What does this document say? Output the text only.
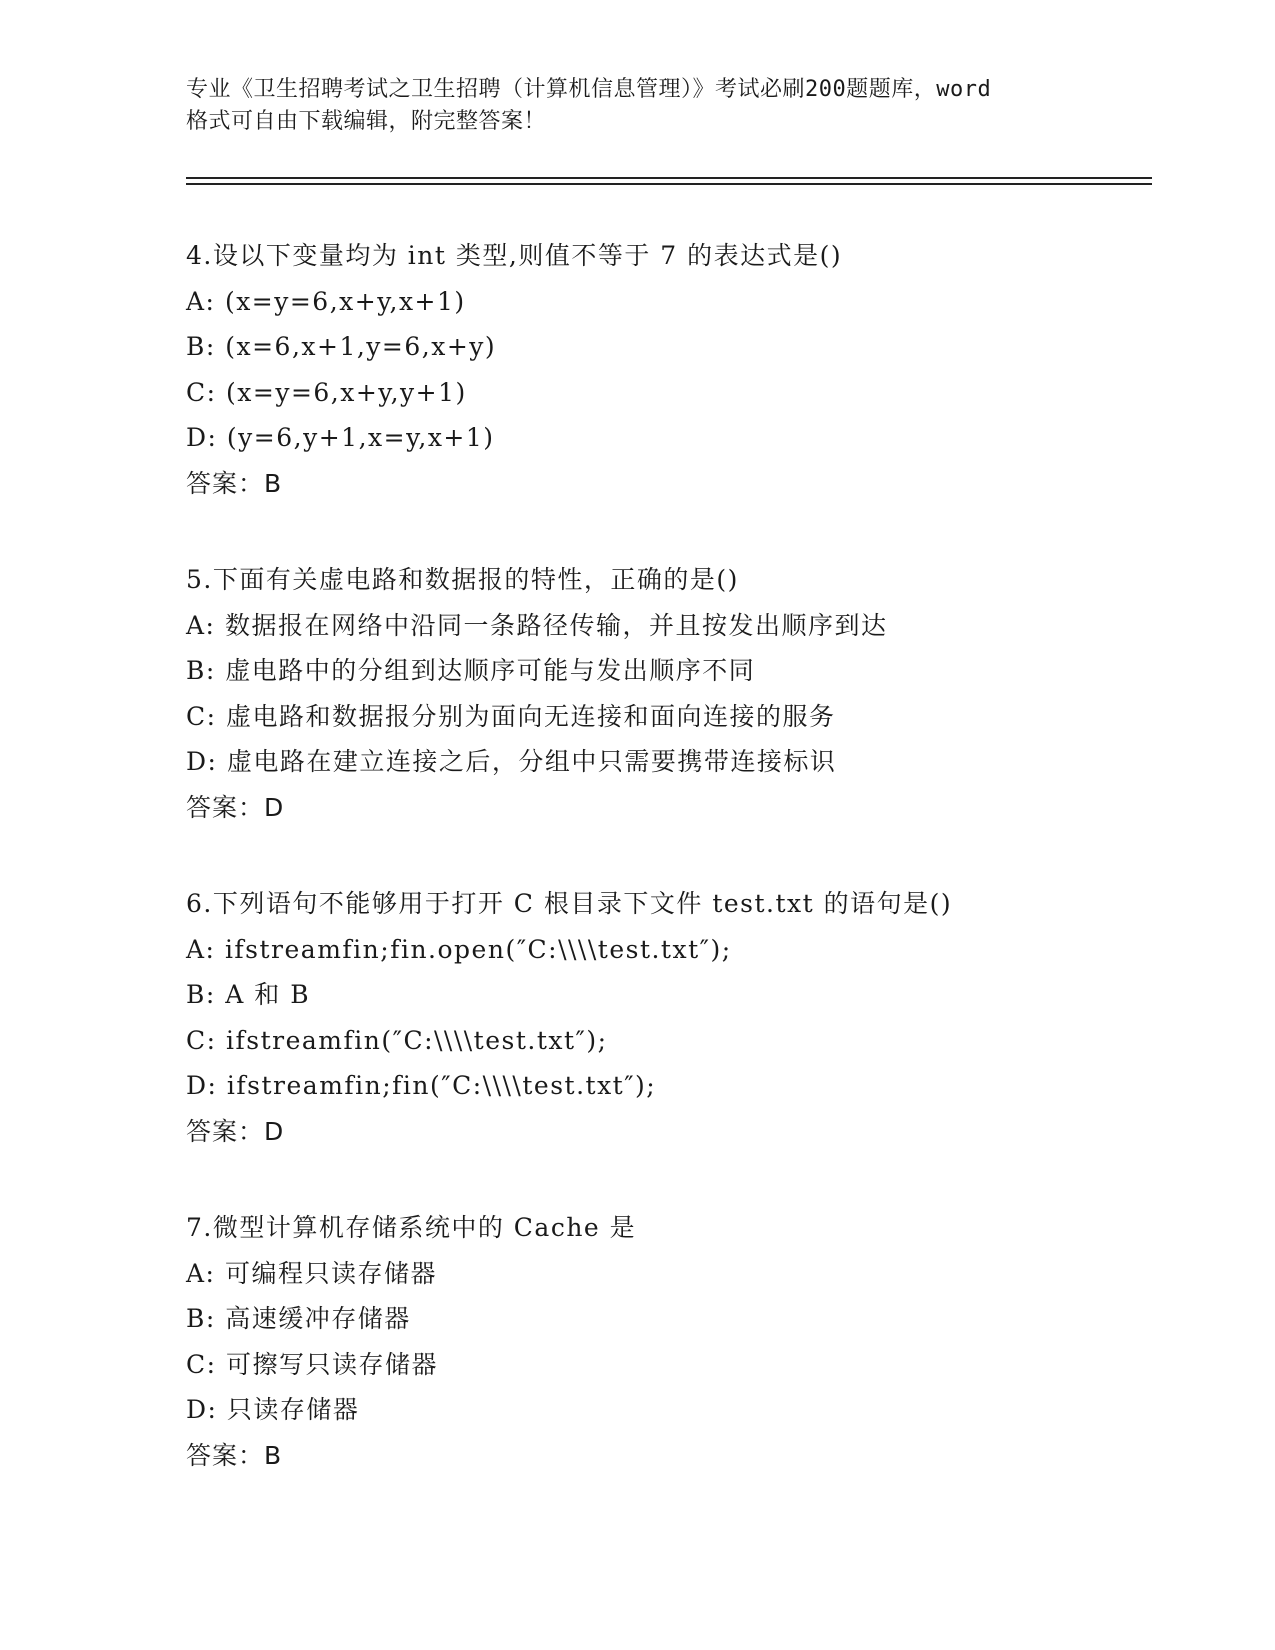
专业《卫生招聘考试之卫生招聘（计算机信息管理）》考试必刷200题题库，word
格式可自由下载编辑，附完整答案！
4.设以下变量均为 int 类型,则值不等于 7 的表达式是()
A: (x=y=6,x+y,x+1)
B: (x=6,x+1,y=6,x+y)
C: (x=y=6,x+y,y+1)
D: (y=6,y+1,x=y,x+1)
答案：B
5.下面有关虚电路和数据报的特性，正确的是()
A: 数据报在网络中沿同一条路径传输，并且按发出顺序到达
B: 虚电路中的分组到达顺序可能与发出顺序不同
C: 虚电路和数据报分别为面向无连接和面向连接的服务
D: 虚电路在建立连接之后，分组中只需要携带连接标识
答案：D
6.下列语句不能够用于打开 C 根目录下文件 test.txt 的语句是()
A: ifstreamfin;fin.open(″C:\\\\test.txt″);
B: A 和 B
C: ifstreamfin(″C:\\\\test.txt″);
D: ifstreamfin;fin(″C:\\\\test.txt″);
答案：D
7.微型计算机存储系统中的 Cache 是
A: 可编程只读存储器
B: 高速缓冲存储器
C: 可擦写只读存储器
D: 只读存储器
答案：B
